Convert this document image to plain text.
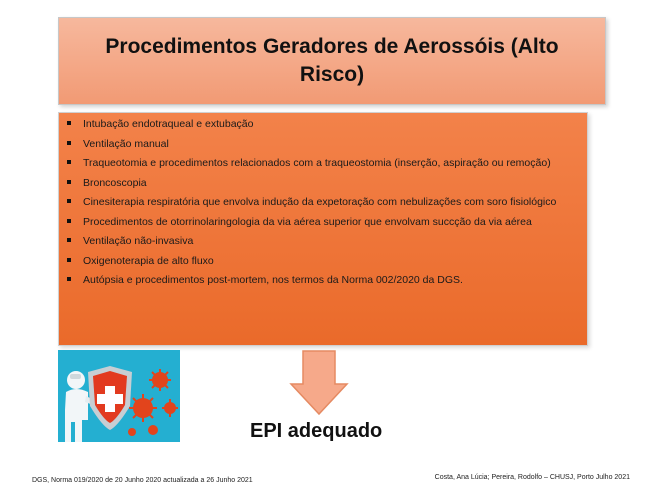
Procedimentos Geradores de Aerossóis (Alto Risco)
Intubação endotraqueal e extubação
Ventilação manual
Traqueotomia e procedimentos relacionados com a traqueostomia (inserção, aspiração ou remoção)
Broncoscopia
Cinesiterapia respiratória que envolva indução da expetoração com nebulizações com soro fisiológico
Procedimentos de otorrinolaringologia da via aérea superior que envolvam succção da via aérea
Ventilação não-invasiva
Oxigenoterapia de alto fluxo
Autópsia e procedimentos post-mortem, nos termos da Norma 002/2020 da DGS.
EPI adequado
DGS, Norma 019/2020 de 20 Junho 2020 actualizada a 26 Junho 2021	Costa, Ana Lúcia; Pereira, Rodolfo – CHUSJ, Porto Julho 2021
